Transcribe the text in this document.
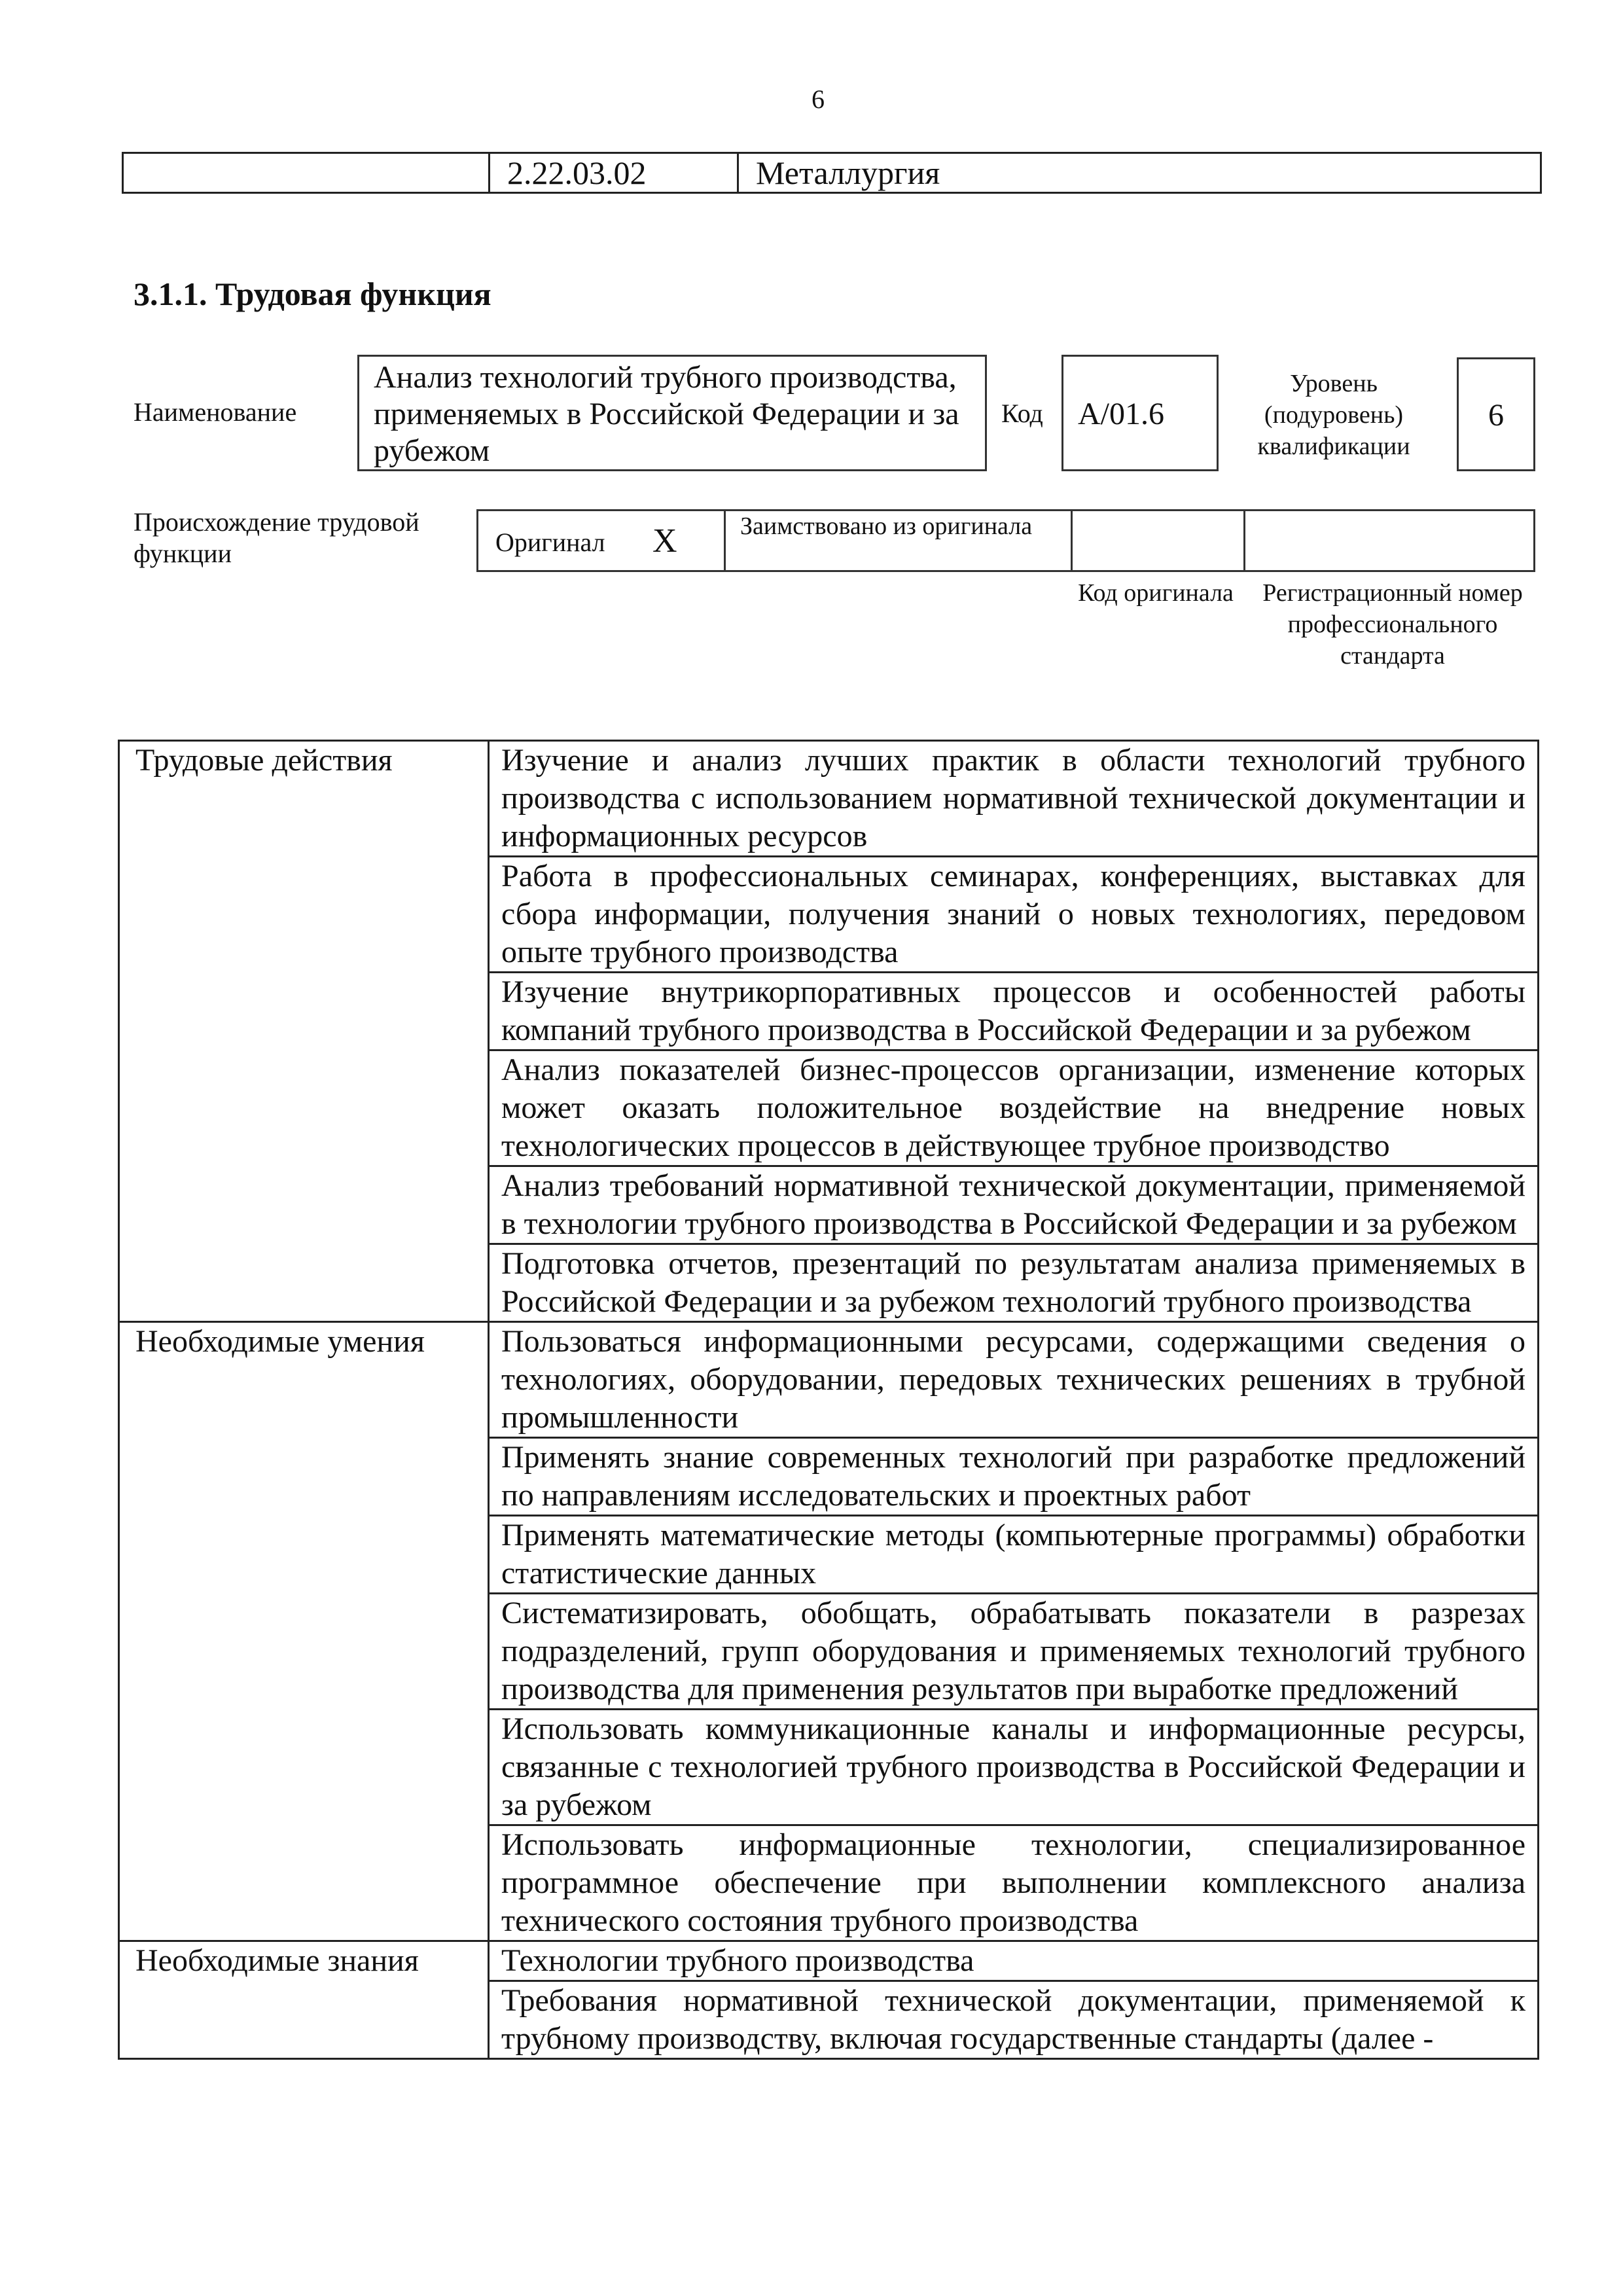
6
2.22.03.02	Металлургия
3.1.1. Трудовая функция
Наименование
Анализ технологий трубного производства, применяемых в Российской Федерации и за рубежом
Код	A/01.6
Уровень (подуровень) квалификации
6
Происхождение трудовой функции	Оригинал X	Заимствовано из оригинала
Код оригинала	Регистрационный номер профессионального стандарта
Трудовые действия	Изучение и анализ лучших практик в области технологий трубного производства с использованием нормативной технической документации и информационных ресурсов
	Работа в профессиональных семинарах, конференциях, выставках для сбора информации, получения знаний о новых технологиях, передовом опыте трубного производства
	Изучение внутрикорпоративных процессов и особенностей работы компаний трубного производства в Российской Федерации и за рубежом
	Анализ показателей бизнес-процессов организации, изменение которых может оказать положительное воздействие на внедрение новых технологических процессов в действующее трубное производство
	Анализ требований нормативной технической документации, применяемой в технологии трубного производства в Российской Федерации и за рубежом
	Подготовка отчетов, презентаций по результатам анализа применяемых в Российской Федерации и за рубежом технологий трубного производства
Необходимые умения	Пользоваться информационными ресурсами, содержащими сведения о технологиях, оборудовании, передовых технических решениях в трубной промышленности
	Применять знание современных технологий при разработке предложений по направлениям исследовательских и проектных работ
	Применять математические методы (компьютерные программы) обработки статистические данных
	Систематизировать, обобщать, обрабатывать показатели в разрезах подразделений, групп оборудования и применяемых технологий трубного производства для применения результатов при выработке предложений
	Использовать коммуникационные каналы и информационные ресурсы, связанные с технологией трубного производства в Российской Федерации и за рубежом
	Использовать информационные технологии, специализированное программное обеспечение при выполнении комплексного анализа технического состояния трубного производства
Необходимые знания	Технологии трубного производства
	Требования нормативной технической документации, применяемой к трубному производству, включая государственные стандарты (далее -
